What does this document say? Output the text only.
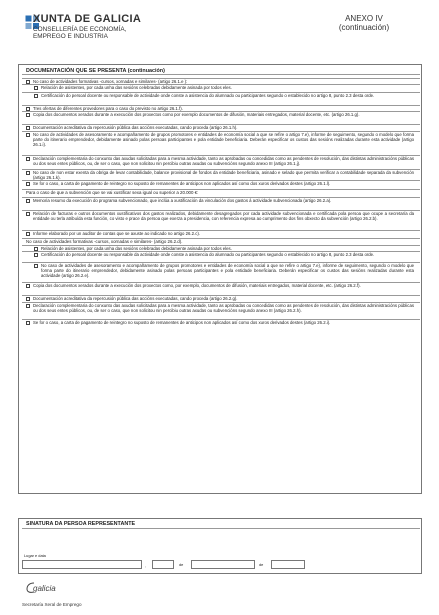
XUNTA DE GALICIA
CONSELLERÍA DE ECONOMÍA,
EMPREGO E INDUSTRIA
ANEXO IV
(continuación)
DOCUMENTACIÓN QUE SE PRESENTA (continuación)
No caso de actividades formativas -cursos, xornadas e similares- (artigo 26.1.e ):
Relación de asistentes, por cada unha das sesións celebradas debidamente asinada por todos eles.
Certificación do persoal docente ou responsable de actividade onde conste a asistencia do alumnado ou participantes segundo o establecido no artigo 8, punto 2.3 desta orde.
Tres ofertas de diferentes provedores para o caso do previsto no artigo 26.1.f).
Copia dos documentos xerados durante a execución dos proxectos como por exemplo documentos de difusión, materiais entregados, material docente, etc. (artigo 26.1.g).
Documentación acreditativa da repercusión pública das accións executadas, cando proceda (artigo 26.1.h).
No caso de actividades de asesoramento e acompañamento de grupos promotores e entidades de economía social a que se refire o artigo 7.e), informe de seguimento, segundo o modelo que forma parte do itinerario emprendedor, debidamente asinado polas persoas participantes e pola entidade beneficiaria. Deberán especificar os custos das sesións realizadas durante esta actividade (artigo 26.1.i).
Declaración complementaria do conxunto das axudas solicitadas para a mesma actividade, tanto as aprobadas ou concedidas como as pendentes de resolución, das distintas administracións públicas ou dos seus entes públicos, ou, de ser o caso, que non solicitou nin percibiu outras axudas ou subvencións segundo anexo III (artigo 26.1.j).
No caso de non estar exenta da obriga de levar contabilidade, balance provisional de fondos da entidade beneficiaria, asinado e selado que permita verificar a contabilidade separada da subvención (artigo 26.1.k).
Se for o caso, a carta de pagamento de reintegro no suposto de remanentes de anticipos non aplicados así como dos xuros derivados destes (artigo 26.1.l).
Para o caso de que a subvención que se vai xustificar sexa igual ou superior a 20.000 €:
Memoria resumo da execución do programa subvencionado, que inclúa a xustificación da vinculación dos gastos á actividade subvencionada (artigo 26.2.a).
Relación de facturas e outros documentos xustificativos dos gastos realizados, debidamente desagregados por cada actividade subvencionada e certificada pola persoa que ocupe a secretaría da entidade ou terla atribuída esta función, co visto e prace da persoa que exerza a presidencia, con referencia expresa ao cumprimento dos fins obxecto da subvención (artigo 26.2.b).
Informe elaborado por un auditor de contas que se axuste ao indicado no artigo 26.2.c).
No caso de actividades formativas -cursos, xornadas e similares- (artigo 26.2.d).
Relación de asistentes, por cada unha das sesións celebradas debidamente asinada por todos eles.
Certificación do persoal docente ou responsable da actividade onde conste a asistencia do alumnado ou participantes segundo o establecido no artigo 8, punto 2.3 desta orde.
No caso de actividades de asesoramento e acompañamento de grupos promotores e entidades de economía social a que se refire o artigo 7.e), informe de seguimento, segundo o modelo que forma parte do itinerario emprendedor, debidamente asinado polas persoas participantes e pola entidade beneficiaria. Deberán especificar os custos das sesións realizadas durante esta actividade (artigo 26.2.e).
Copia dos documentos xerados durante a execución dos proxectos como, por exemplo, documentos de difusión, materiais entregados, material docente, etc. (artigo 26.2.f).
Documentación acreditativa da repercusión pública das accións executadas, cando proceda (artigo 26.2.g).
Declaración complementaria do conxunto das axudas solicitadas para a mesma actividade, tanto as aprobadas ou concedidas como as pendentes de resolución, das distintas administracións públicas ou dos seus entes públicos, ou, de ser o caso, que non solicitou nin percibiu outras axudas ou subvencións segundo anexo III (artigo 26.2.h).
Se for o caso, a carta de pagamento de reintegro no suposto de remanentes de anticipos non aplicados así como dos xuros derivados destes (artigo 26.2.i).
SINATURA DA PERSOA REPRESENTANTE
Lugar e data
,	de	de
galicia
Secretaría Xeral de Emprego
